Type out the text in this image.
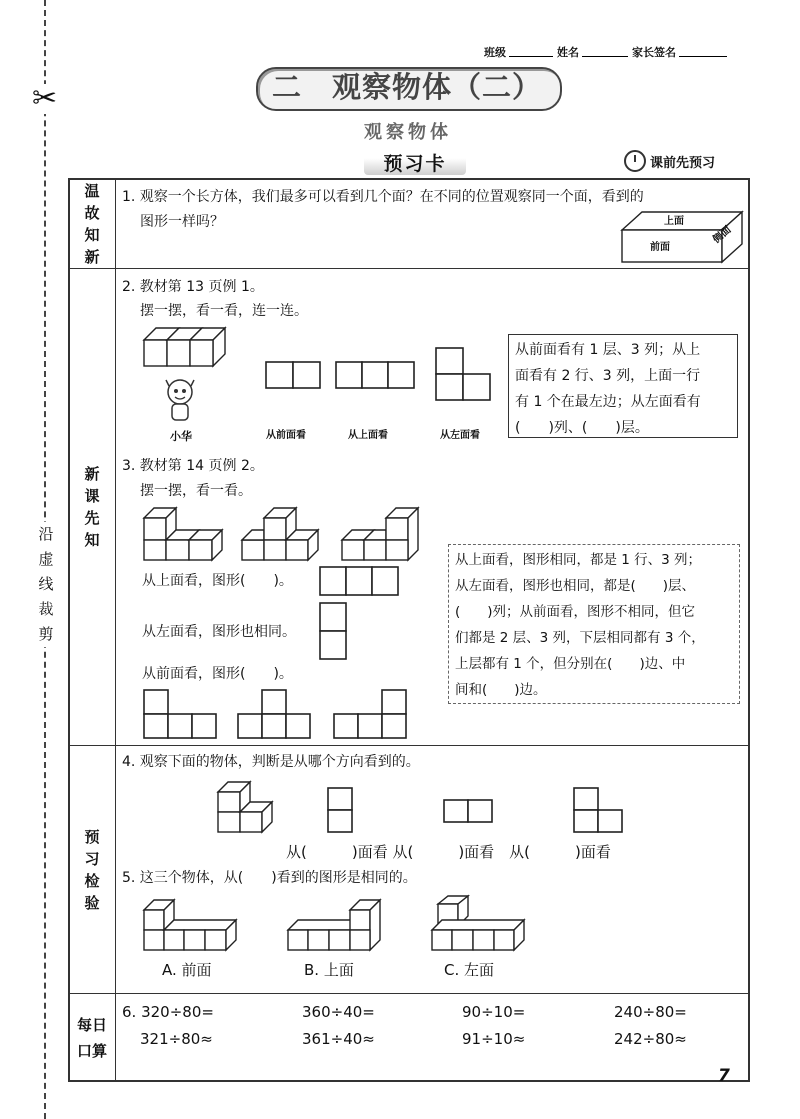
✂
沿
虚
线
裁
剪
班级	姓名	家长签名
二　观察物体（二）
观察物体
预习卡	课前先预习
温
故
知
新
新
课
先
知
预
习
检
验
每日
口算
1. 观察一个长方体，我们最多可以看到几个面？在不同的位置观察同一个面，看到的
图形一样吗？	上面
前面
侧面
2. 教材第 13 页例 1。
摆一摆，看一看，连一连。
小华	从前面看	从上面看	从左面看
从前面看有 1 层、3 列；从上
面看有 2 行、3 列，上面一行
有 1 个在最左边；从左面看有
(　　)列、(　　)层。
3. 教材第 14 页例 2。
摆一摆，看一看。
从上面看，图形(　　)。
从左面看，图形也相同。
从前面看，图形(　　)。
从上面看，图形相同，都是 1 行、3 列；
从左面看，图形也相同，都是(　　)层、
(　　)列；从前面看，图形不相同，但它
们都是 2 层、3 列，下层相同都有 3 个，
上层都有 1 个，但分别在(　　)边、中
间和(　　)边。
4. 观察下面的物体，判断是从哪个方向看到的。
从(　　　)面看 从(　　　)面看　从(　　　)面看
5. 这三个物体，从(　　)看到的图形是相同的。
A. 前面	B. 上面	C. 左面
6. 320÷80=	360÷40=	90÷10=	240÷80=
321÷80≈	361÷40≈	91÷10≈	242÷80≈
7
